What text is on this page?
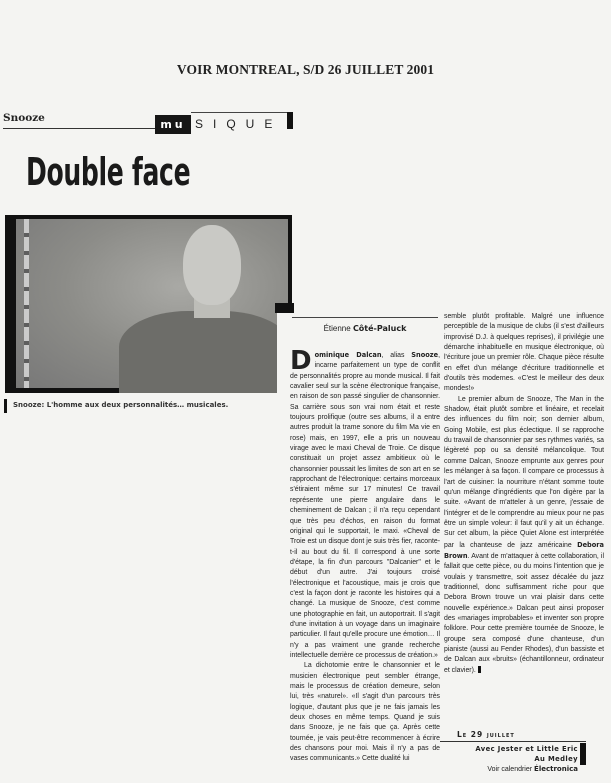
VOIR MONTREAL, S/D 26 JUILLET 2001
Snooze	mu SIQUE
Double face
Snooze: L'homme aux deux personnalités… musicales.
Étienne Côté-Paluck

Dominique Dalcan, alias Snooze, incarne parfaitement un type de conflit de personnalités propre au monde musical. Il fait cavalier seul sur la scène électronique française, en raison de son passé singulier de chansonnier. Sa carrière sous son vrai nom était et reste toujours prolifique (outre ses albums, il a entre autres produit la trame sonore du film Ma vie en rose) mais, en 1997, elle a pris un nouveau virage avec le maxi Cheval de Troie. Ce disque constituait un projet assez ambitieux où le chansonnier poussait les limites de son art en se rapprochant de l'électronique: certains morceaux s'étiraient même sur 17 minutes! Ce travail représente une pierre angulaire dans le cheminement de Dalcan ; il n'a reçu cependant que très peu d'échos, en raison du format original qui le supportait, le maxi. «Cheval de Troie est un disque dont je suis très fier, raconte-t-il au bout du fil. Il correspond à une sorte d'étape, la fin d'un parcours "Dalcanier" et le début d'un autre. J'ai toujours croisé l'électronique et l'acoustique, mais je crois que c'est la façon dont je raconte les histoires qui a changé. La musique de Snooze, c'est comme une photographie en fait, un autoportrait. Il s'agit d'une invitation à un voyage dans un imaginaire particulier. Il faut qu'elle procure une émotion… Il n'y a pas vraiment une grande recherche intellectuelle derrière ce processus de création.»

La dichotomie entre le chansonnier et le musicien électronique peut sembler étrange, mais le processus de création demeure, selon lui, très «naturel». «Il s'agit d'un parcours très logique, d'autant plus que je ne fais jamais les deux choses en même temps. Quand je suis dans Snooze, je ne fais que ça. Après cette tournée, je vais peut-être recommencer à écrire des chansons pour moi. Mais il n'y a pas de vases communicants.» Cette dualité lui

semble plutôt profitable. Malgré une influence perceptible de la musique de clubs (il s'est d'ailleurs improvisé D.J. à quelques reprises), il privilégie une démarche inhabituelle en musique électronique, où l'écriture joue un premier rôle. Chaque pièce résulte en effet d'un mélange d'écriture traditionnelle et d'outils très modernes. «C'est le meilleur des deux mondes!»

Le premier album de Snooze, The Man in the Shadow, était plutôt sombre et linéaire, et recelait des influences du film noir; son dernier album, Going Mobile, est plus éclectique. Il se rapproche du travail de chansonnier par ses rythmes variés, sa légèreté pop ou sa densité mélancolique. Tout comme Dalcan, Snooze emprunte aux genres pour les mélanger à sa façon. Il compare ce processus à l'art de cuisiner: la nourriture n'étant somme toute qu'un mélange d'ingrédients que l'on digère par la suite. «Avant de m'atteler à un genre, j'essaie de l'intégrer et de le comprendre au mieux pour ne pas être un simple voleur: il faut qu'il y ait un échange. Sur cet album, la pièce Quiet Alone est interprétée par la chanteuse de jazz américaine Debora Brown. Avant de m'attaquer à cette collaboration, il fallait que cette pièce, ou du moins l'intention que je voulais y transmettre, soit assez décalée du jazz traditionnel, donc suffisamment riche pour que Debora Brown trouve un vrai plaisir dans cette nouvelle expérience.» Dalcan peut ainsi proposer des «mariages improbables» et inventer son propre folklore. Pour cette première tournée de Snooze, le groupe sera composé d'une chanteuse, d'un pianiste (aussi au Fender Rhodes), d'un bassiste et de Dalcan aux «bruits» (échantillonneur, ordinateur et clavier).

Le 29 juillet
Avec Jester et Little Eric
Au Medley
Voir calendrier Électronica
